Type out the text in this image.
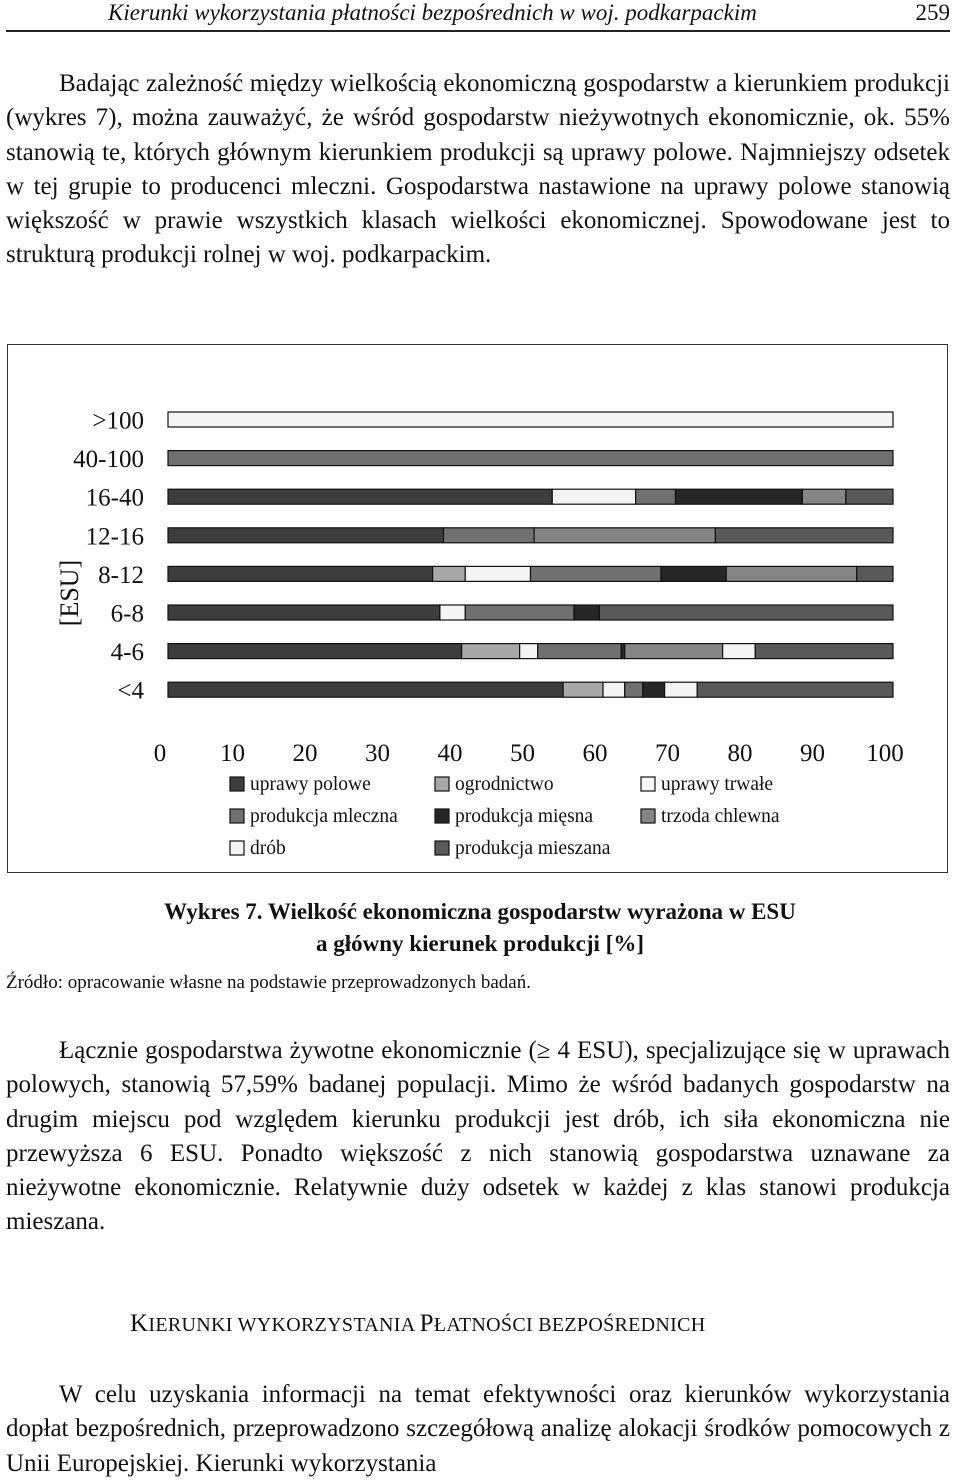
Kierunki wykorzystania płatności bezpośrednich w woj. podkarpackim	259

Badając zależność między wielkością ekonomiczną gospodarstw a kierunkiem produkcji (wykres 7), można zauważyć, że wśród gospodarstw nieżywotnych ekonomicznie, ok. 55% stanowią te, których głównym kierunkiem produkcji są uprawy polowe. Najmniejszy odsetek w tej grupie to producenci mleczni. Gospodarstwa nastawione na uprawy polowe stanowią większość w prawie wszystkich klasach wielkości ekonomicznej. Spowodowane jest to strukturą produkcji rolnej w woj. podkarpackim.

[ESU]
>100
40-100
16-40
12-16
8-12
6-8
4-6
<4
0 10 20 30 40 50 60 70 80 90 100
uprawy polowe	ogrodnictwo	uprawy trwałe
produkcja mleczna	produkcja mięsna	trzoda chlewna
drób	produkcja mieszana
Wykres 7. Wielkość ekonomiczna gospodarstw wyrażona w ESU
a główny kierunek produkcji [%]
Źródło: opracowanie własne na podstawie przeprowadzonych badań.

Łącznie gospodarstwa żywotne ekonomicznie (≥ 4 ESU), specjalizujące się w uprawach polowych, stanowią 57,59% badanej populacji. Mimo że wśród badanych gospodarstw na drugim miejscu pod względem kierunku produkcji jest drób, ich siła ekonomiczna nie przewyższa 6 ESU. Ponadto większość z nich stanowią gospodarstwa uznawane za nieżywotne ekonomicznie. Relatywnie duży odsetek w każdej z klas stanowi produkcja mieszana.

KIERUNKI WYKORZYSTANIA PŁATNOŚCI BEZPOŚREDNICH

W celu uzyskania informacji na temat efektywności oraz kierunków wykorzystania dopłat bezpośrednich, przeprowadzono szczegółową analizę alokacji środków pomocowych z Unii Europejskiej. Kierunki wykorzystania
